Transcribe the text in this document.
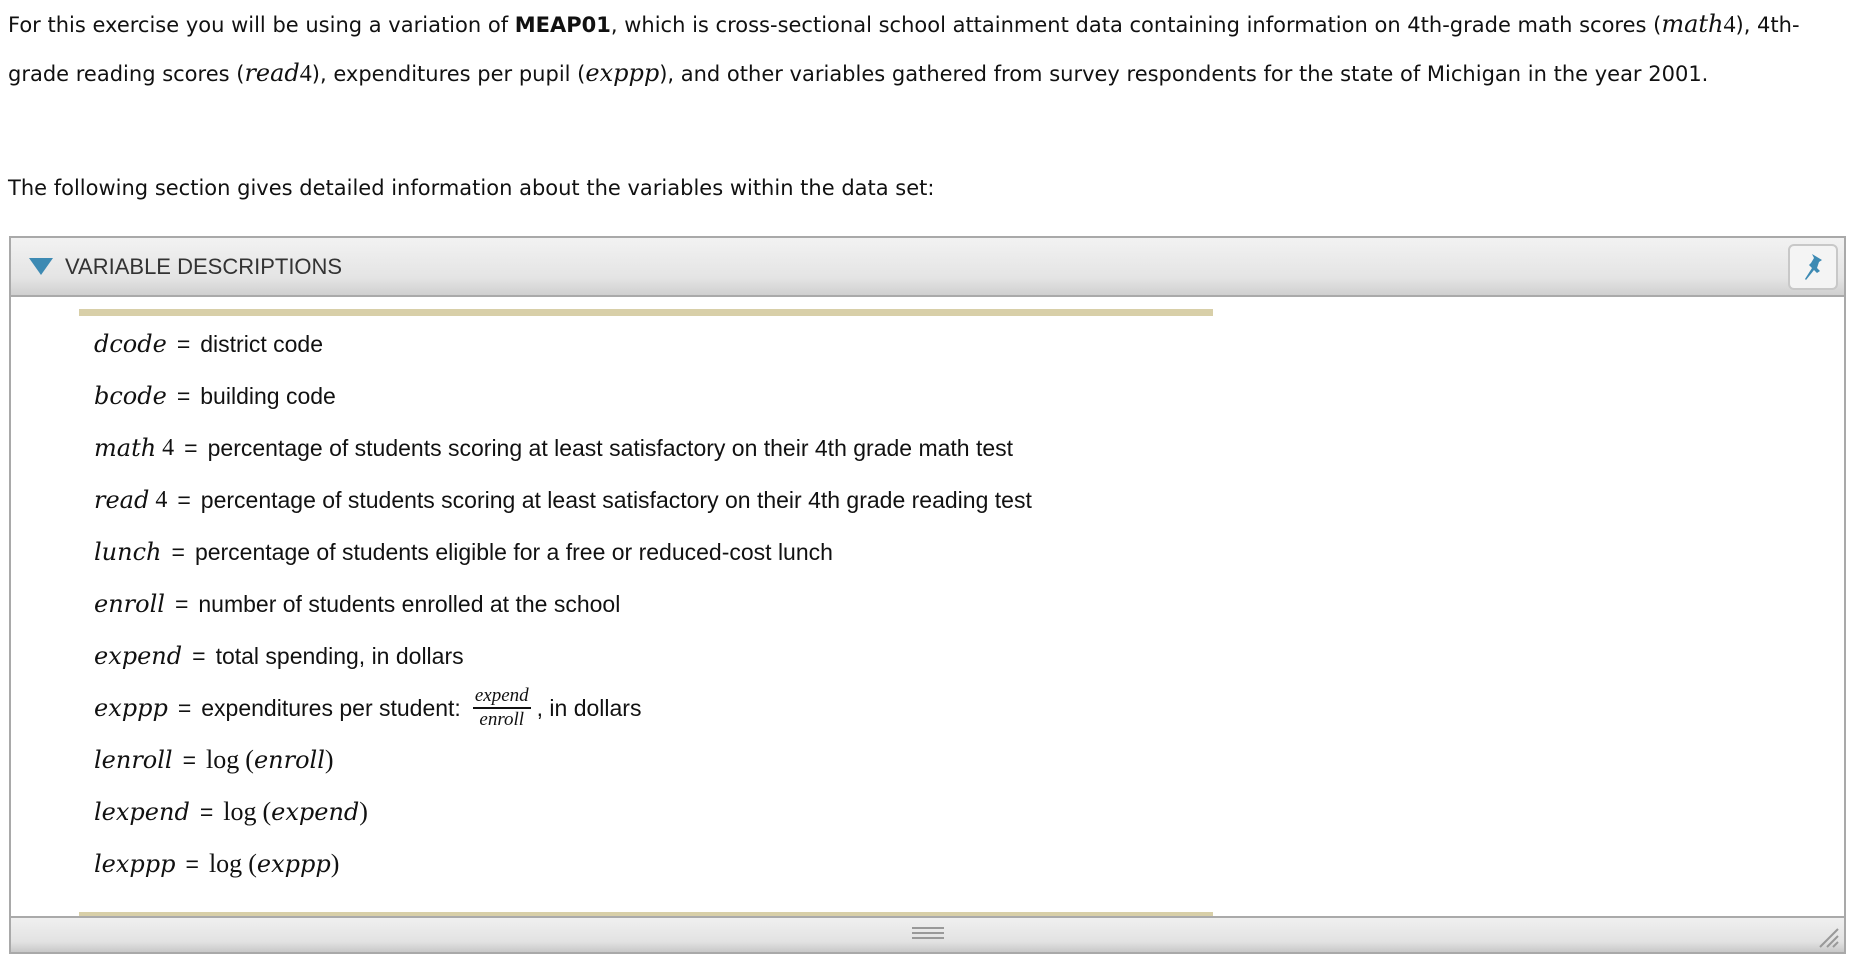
For this exercise you will be using a variation of MEAP01, which is cross-sectional school attainment data containing information on 4th-grade math scores (math4), 4th-grade reading scores (read4), expenditures per pupil (exppp), and other variables gathered from survey respondents for the state of Michigan in the year 2001.

The following section gives detailed information about the variables within the data set:

VARIABLE DESCRIPTIONS
dcode = district code
bcode = building code
math 4 = percentage of students scoring at least satisfactory on their 4th grade math test
read 4 = percentage of students scoring at least satisfactory on their 4th grade reading test
lunch = percentage of students eligible for a free or reduced-cost lunch
enroll = number of students enrolled at the school
expend = total spending, in dollars
exppp = expenditures per student: $\frac{\text{expend}}{\text{enroll}}$ , in dollars
lenroll = log ( enroll )
lexpend = log ( expend )
lexppp = log ( exppp )
